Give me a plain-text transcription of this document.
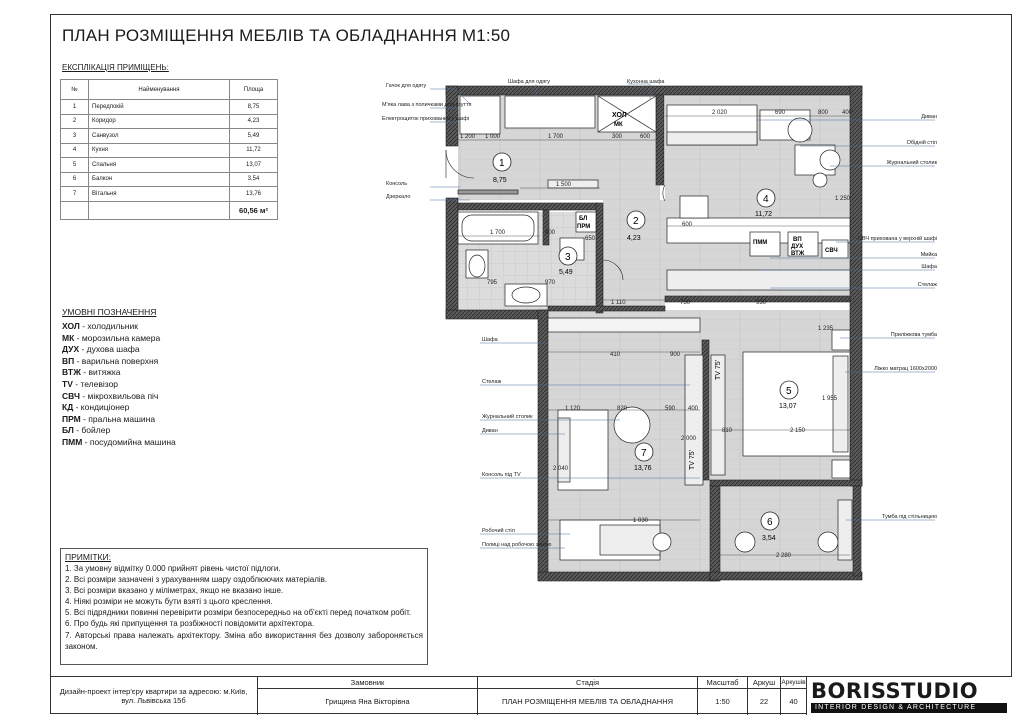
ПЛАН РОЗМІЩЕННЯ МЕБЛІВ ТА ОБЛАДНАННЯ М1:50
ЕКСПЛІКАЦІЯ ПРИМІЩЕНЬ:
№	Найменування	Площа
1	Передпокій	8,75
2	Коридор	4,23
3	Санвузол	5,49
4	Кухня	11,72
5	Спальня	13,07
6	Балкон	3,54
7	Вітальня	13,76
		60,56 м²
УМОВНІ ПОЗНАЧЕННЯ
ХОЛ - холодильник
МК - морозильна камера
ДУХ - духова шафа
ВП - варильна поверхня
ВТЖ - витяжка
TV - телевізор
СВЧ - мікрохвильова піч
КД - кондиціонер
ПРМ - пральна машина
БЛ - бойлер
ПММ - посудомийна машина
ПРИМІТКИ:
1. За умовну відмітку 0.000 прийнят рівень чистої підлоги.
2. Всі розміри зазначені з урахуванням шару оздоблюючих матеріалів.
3. Всі розміри вказано у міліметрах, якщо не вказано інше.
4. Ніякі розміри не можуть бути взяті з цього креслення.
5. Всі підрядники повинні перевірити розміри безпосередньо на об'єкті перед початком робіт.
6. Про будь які припущення та розбіжності повідомити архітектора.
7. Авторські права належать архітектору. Зміна або використання без дозволу забороняється законом.
ХОЛ
МК
ПММ	ВП
ДУХ
ВТЖ	СВЧ
БЛ
ПРМ
TV 75'
TV 75'
1 200 1 000	1 700	300	600
2 020	690	800 400
1 500
1 700	400
650
1 110
970
750	930
2 000
410	900
1 120	820	590 400
2 150
810
1 030
2 280
600
1 250
795
2 040
1 235
1 955
1
8,75
2
4,23
3
5,49
4
11,72
5
13,07
6
3,54
7
13,76
Гачок для одягу
М'яка лава з поличками для взуття
Електрощиток прихований у шафі
Шафа для одягу	Кухонна шафа
Консоль
Дзеркало
Шафа
Стелаж
Журнальний столик
Диван
Консоль під TV
Робочий стіл
Полиці над робочою зоною
Диван
Обідній стіл
Журнальний столик
СВЧ прихована у верхній шафі
Мийка
Шафа
Стелаж
Приліжкова тумба
Ліжко матрац 1600х2000
Тумба під стільницею
Дизайн-проект інтер'єру квартири за адресою: м.Київ, вул. Львівська 15б
Замовник
Грищина Яна Вікторівна
Стадія
ПЛАН РОЗМІЩЕННЯ МЕБЛІВ ТА ОБЛАДНАННЯ
Масштаб
1:50
Аркуш
22
Аркушів
40 BORISSTUDIO
INTERIOR DESIGN & ARCHITECTURE
